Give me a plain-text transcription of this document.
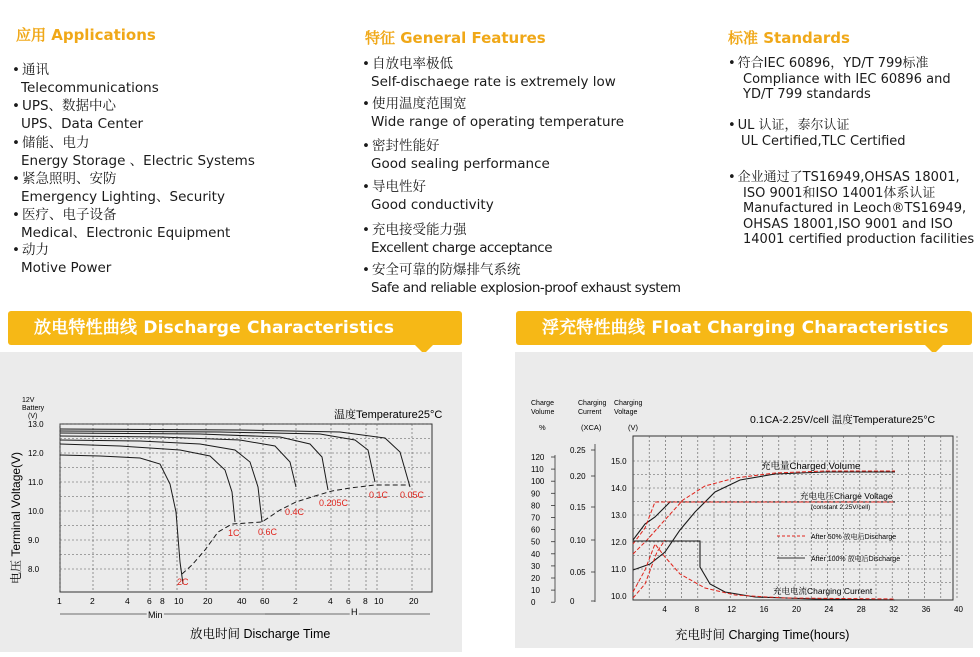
应用 Applications
• 通讯
Telecommunications
• UPS、数据中心
UPS、Data Center
• 储能、电力
Energy Storage 、Electric Systems
• 紧急照明、安防
Emergency Lighting、Security
• 医疗、电子设备
Medical、Electronic Equipment
• 动力
Motive Power
特征 General Features
• 自放电率极低
Self-dischaege rate is extremely low
• 使用温度范围宽
Wide range of operating temperature
• 密封性能好
Good sealing performance
• 导电性好
Good conductivity
• 充电接受能力强
Excellent charge acceptance
• 安全可靠的防爆排气系统
Safe and reliable explosion-proof exhaust system
标准 Standards
• 符合IEC 60896，YD/T 799标准
Compliance with IEC 60896 and
YD/T 799 standards
• UL 认证，泰尔认证
UL Certified,TLC Certified
• 企业通过了TS16949,OHSAS 18001,
ISO 9001和ISO 14001体系认证
Manufactured in Leoch®TS16949,
OHSAS 18001,ISO 9001 and ISO
14001 certified production facilities
放电特性曲线 Discharge Characteristics	浮充特性曲线 Float Charging Characteristics
12V
Battery
(V)
电压 Terminal Voltage(V)
温度Temperature25°C
13.0
12.0
11.0
10.0
9.0
8.0
1	2	4 6 8 10 20	40 60	2	4 6 8 10	20
2C
1C 0.6C
0.4C
0.205C
0.1C 0.05C
Min	H
放电时间 Discharge Time
Charge
Volume
Charging
Current
Charging
Voltage
%	(XCA)	(V)
0.1CA-2.25V/cell 温度Temperature25°C
120
110
100
90
80
70
60
50
40
30
20
10
0
0.25
0.20
0.15
0.10
0.05
0
15.0
14.0
13.0
12.0
11.0
10.0
4	8	12	16	20	24	28	32	36	40
充电量Charged Volume
充电电压Charge Voltage
(constant 2.25V/cell)
充电电流Charging Current
After 50% 放电后Discharge
After 100% 放电后Discharge
充电时间 Charging Time(hours)
